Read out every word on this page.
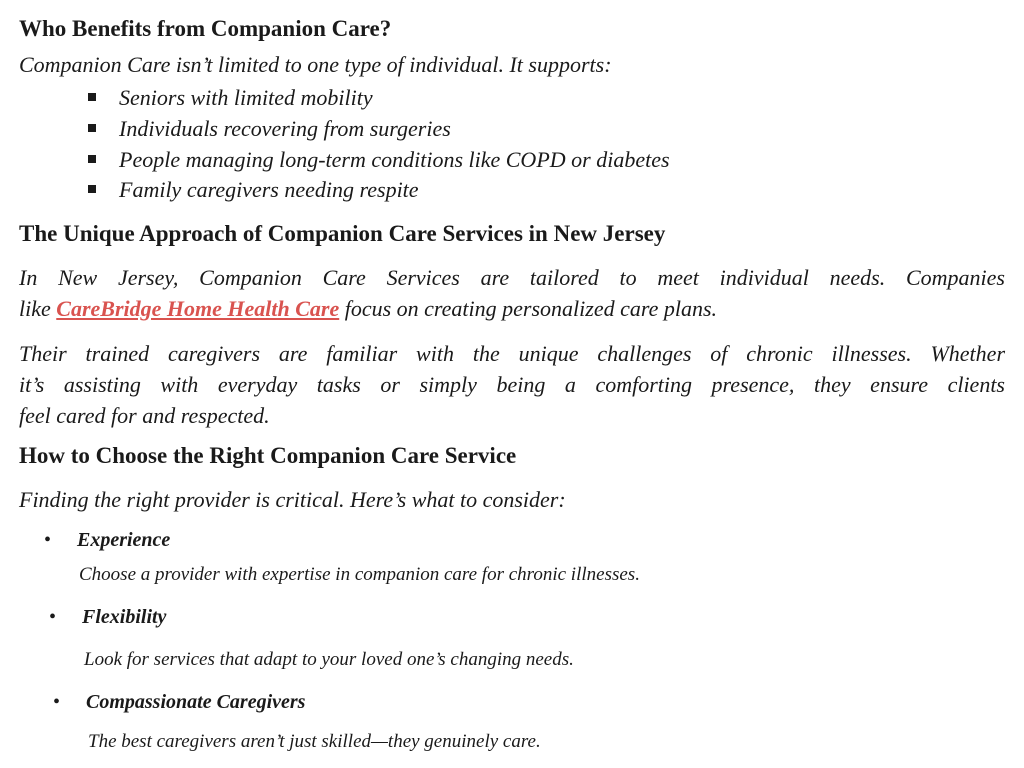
Who Benefits from Companion Care?
Companion Care isn’t limited to one type of individual. It supports:
Seniors with limited mobility
Individuals recovering from surgeries
People managing long-term conditions like COPD or diabetes
Family caregivers needing respite
The Unique Approach of Companion Care Services in New Jersey
In New Jersey, Companion Care Services are tailored to meet individual needs. Companies
like CareBridge Home Health Care focus on creating personalized care plans.
Their trained caregivers are familiar with the unique challenges of chronic illnesses. Whether
it’s assisting with everyday tasks or simply being a comforting presence, they ensure clients
feel cared for and respected.
How to Choose the Right Companion Care Service
Finding the right provider is critical. Here’s what to consider:
• Experience
Choose a provider with expertise in companion care for chronic illnesses.
• Flexibility
Look for services that adapt to your loved one’s changing needs.
• Compassionate Caregivers
The best caregivers aren’t just skilled—they genuinely care.
